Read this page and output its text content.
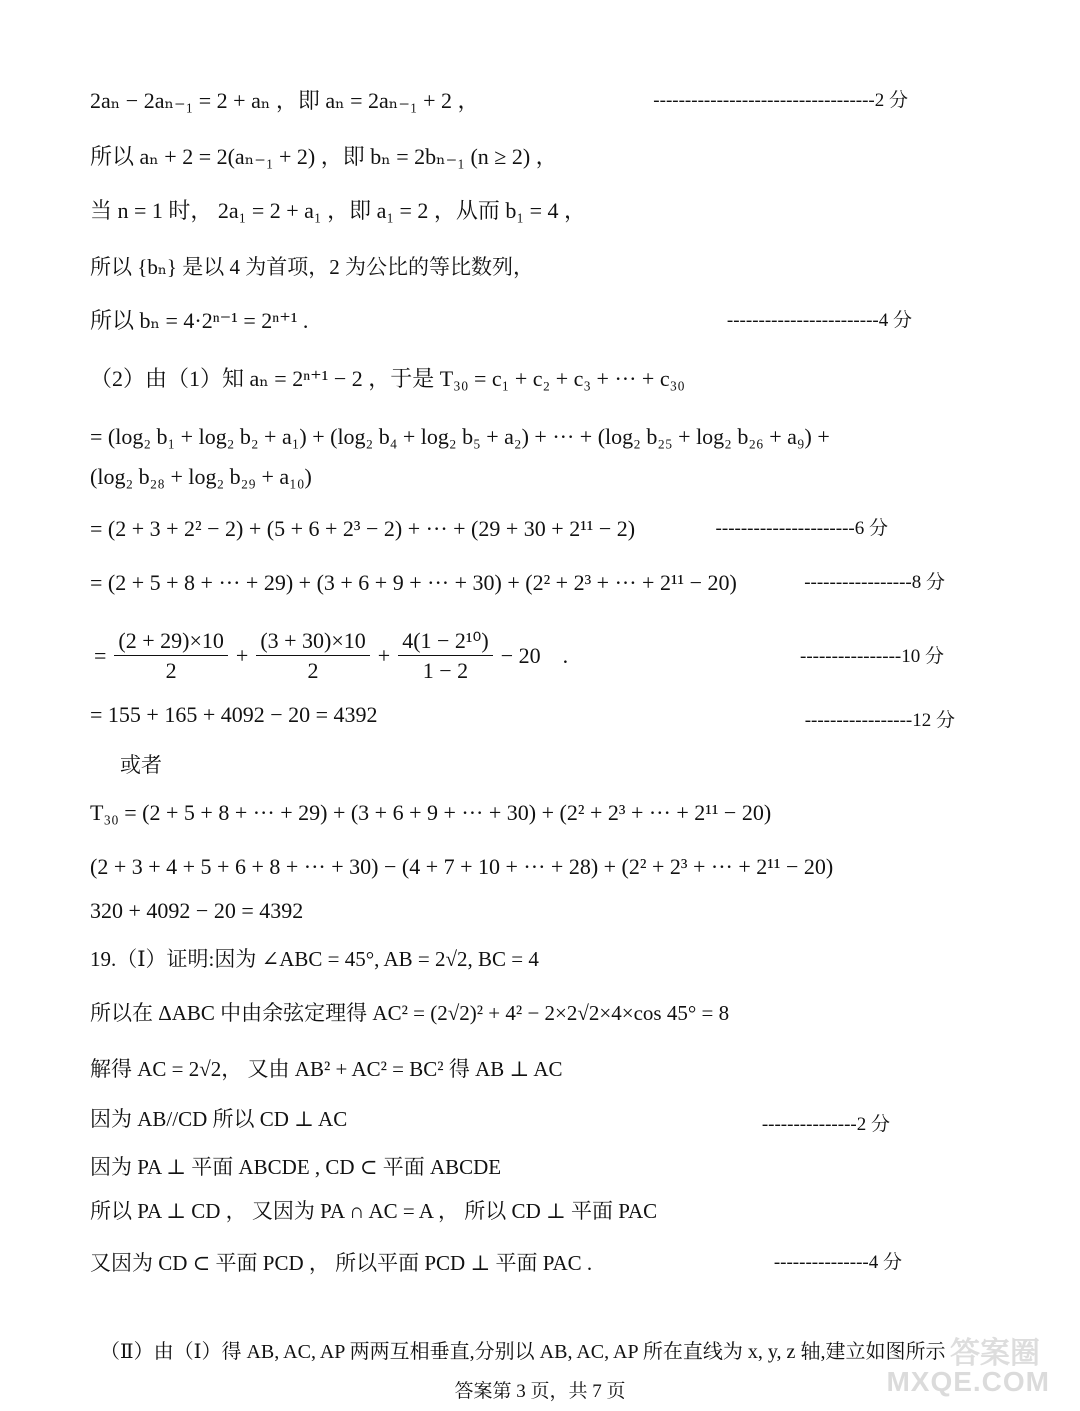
2aₙ − 2aₙ₋₁ = 2 + aₙ ，即 aₙ = 2aₙ₋₁ + 2 ，	-----------------------------------2 分
所以 aₙ + 2 = 2(aₙ₋₁ + 2) ，即 bₙ = 2bₙ₋₁ (n ≥ 2) ，
当 n = 1 时， 2a₁ = 2 + a₁ ，即 a₁ = 2 ，从而 b₁ = 4 ，
所以 {bₙ} 是以 4 为首项，2 为公比的等比数列，
所以 bₙ = 4·2ⁿ⁻¹ = 2ⁿ⁺¹ .	------------------------4 分
（2）由（1）知 aₙ = 2ⁿ⁺¹ − 2 ，于是 T₃₀ = c₁ + c₂ + c₃ + ··· + c₃₀
= (log₂ b₁ + log₂ b₂ + a₁) + (log₂ b₄ + log₂ b₅ + a₂) + ··· + (log₂ b₂₅ + log₂ b₂₆ + a₉) +
(log₂ b₂₈ + log₂ b₂₉ + a₁₀)
= (2 + 3 + 2² − 2) + (5 + 6 + 2³ − 2) + ··· + (29 + 30 + 2¹¹ − 2)	----------------------6 分
= (2 + 5 + 8 + ··· + 29) + (3 + 6 + 9 + ··· + 30) + (2² + 2³ + ··· + 2¹¹ − 20)	-----------------8 分
= $\frac{(2 + 29)\times 10}{2} + \frac{(3 + 30)\times 10}{2} + \frac{\text{4(1 − 2¹⁰)}}{1 - 2} - 20$ .	----------------10 分
= 155 + 165 + 4092 − 20 = 4392	-----------------12 分
或者
T₃₀ = (2 + 5 + 8 + ··· + 29) + (3 + 6 + 9 + ··· + 30) + (2² + 2³ + ··· + 2¹¹ − 20)
(2 + 3 + 4 + 5 + 6 + 8 + ··· + 30) − (4 + 7 + 10 + ··· + 28) + (2² + 2³ + ··· + 2¹¹ − 20)
320 + 4092 − 20 = 4392
19.（Ⅰ）证明:因为 ∠ABC = 45°, AB = 2√2, BC = 4
所以在 ΔABC 中由余弦定理得 AC² = (2√2)² + 4² − 2×2√2×4×cos 45° = 8
解得 AC = 2√2， 又由 AB² + AC² = BC² 得 AB ⊥ AC
因为 AB//CD 所以 CD ⊥ AC	---------------2 分
因为 PA ⊥ 平面 ABCDE , CD ⊂ 平面 ABCDE
所以 PA ⊥ CD ， 又因为 PA ∩ AC = A ， 所以 CD ⊥ 平面 PAC
又因为 CD ⊂ 平面 PCD ， 所以平面 PCD ⊥ 平面 PAC .	---------------4 分
（Ⅱ）由（Ⅰ）得 AB, AC, AP 两两互相垂直,分别以 AB, AC, AP 所在直线为 x, y, z 轴,建立如图所示 答案圈
MXQE.COM
答案第 3 页，共 7 页
